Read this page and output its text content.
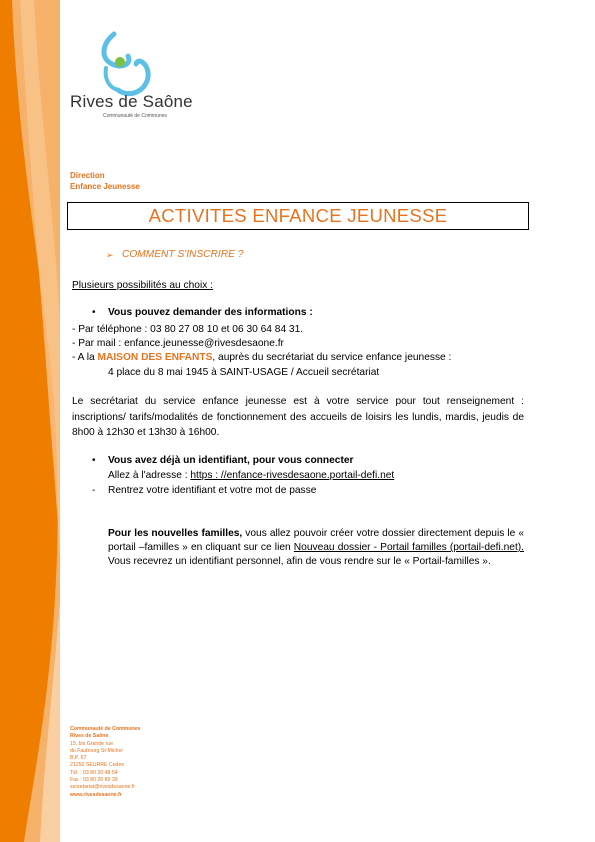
Rives de Saône
Communauté de Communes
Direction
Enfance Jeunesse
ACTIVITES ENFANCE JEUNESSE
➢ COMMENT S'INSCRIRE ?
Plusieurs possibilités au choix :
• Vous pouvez demander des informations :
- Par téléphone : 03 80 27 08 10 et 06 30 64 84 31.
- Par mail : enfance.jeunesse@rivesdesaone.fr
- A la MAISON DES ENFANTS, auprès du secrétariat du service enfance jeunesse :
4 place du 8 mai 1945 à SAINT-USAGE / Accueil secrétariat
Le secrétariat du service enfance jeunesse est à votre service pour tout renseignement : inscriptions/ tarifs/modalités de fonctionnement des accueils de loisirs les lundis, mardis, jeudis de 8h00 à 12h30 et 13h30 à 16h00.
• Vous avez déjà un identifiant, pour vous connecter
Allez à l'adresse : https : //enfance-rivesdesaone.portail-defi.net
- Rentrez votre identifiant et votre mot de passe
Pour les nouvelles familles, vous allez pouvoir créer votre dossier directement depuis le « portail –familles » en cliquant sur ce lien Nouveau dossier - Portail familles (portail-defi.net). Vous recevrez un identifiant personnel, afin de vous rendre sur le « Portail-familles ».
Communauté de Communes
Rives de Saône
15, bis Grande rue
du Faubourg St-Michel
B.P. 67
21250 SEURRE Cedex
Tél. : 03 80 20 48 54
Fax : 03 80 20 89 39
secretariat@rivesdesaone.fr
www.rivesdesaone.fr
